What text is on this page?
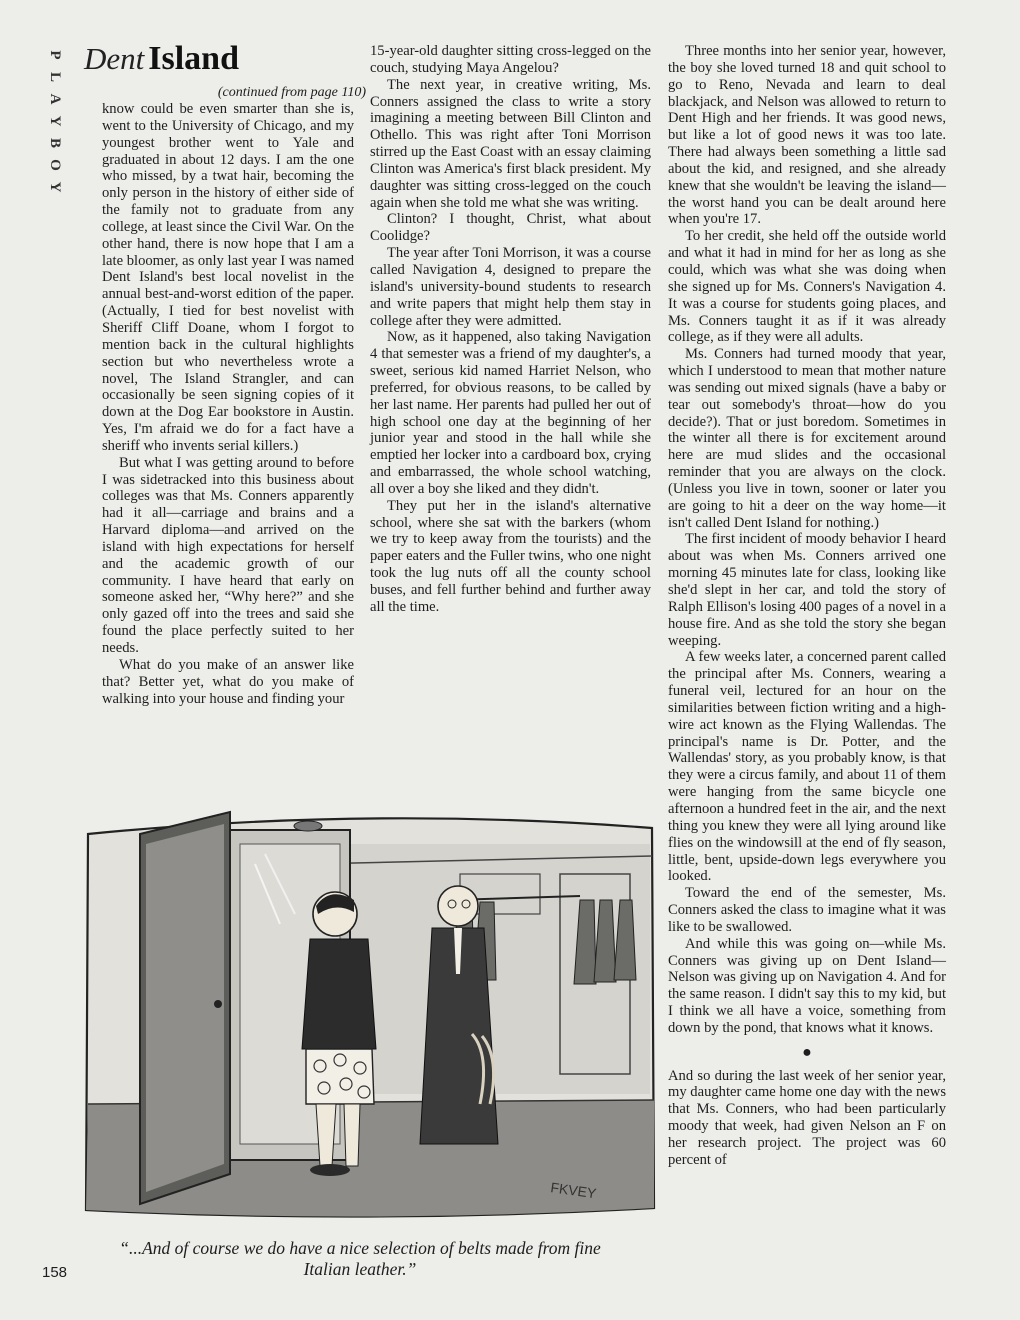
P
L
A
Y
B
O
Y
Dent Island
(continued from page 110)

know could be even smarter than she is, went to the University of Chicago, and my youngest brother went to Yale and graduated in about 12 days. I am the one who missed, by a twat hair, becoming the only person in the history of either side of the family not to graduate from any college, at least since the Civil War. On the other hand, there is now hope that I am a late bloomer, as only last year I was named Dent Island's best local novelist in the annual best-and-worst edition of the paper. (Actually, I tied for best novelist with Sheriff Cliff Doane, whom I forgot to mention back in the cultural highlights section but who nevertheless wrote a novel, The Island Strangler, and can occasionally be seen signing copies of it down at the Dog Ear bookstore in Austin. Yes, I'm afraid we do for a fact have a sheriff who invents serial killers.)

But what I was getting around to before I was sidetracked into this business about colleges was that Ms. Conners apparently had it all—carriage and brains and a Harvard diploma—and arrived on the island with high expectations for herself and the academic growth of our community. I have heard that early on someone asked her, “Why here?” and she only gazed off into the trees and said she found the place perfectly suited to her needs.

What do you make of an answer like that? Better yet, what do you make of walking into your house and finding your

15-year-old daughter sitting cross-legged on the couch, studying Maya Angelou?

The next year, in creative writing, Ms. Conners assigned the class to write a story imagining a meeting between Bill Clinton and Othello. This was right after Toni Morrison stirred up the East Coast with an essay claiming Clinton was America's first black president. My daughter was sitting cross-legged on the couch again when she told me what she was writing.

Clinton? I thought, Christ, what about Coolidge?

The year after Toni Morrison, it was a course called Navigation 4, designed to prepare the island's university-bound students to research and write papers that might help them stay in college after they were admitted.

Now, as it happened, also taking Navigation 4 that semester was a friend of my daughter's, a sweet, serious kid named Harriet Nelson, who preferred, for obvious reasons, to be called by her last name. Her parents had pulled her out of high school one day at the beginning of her junior year and stood in the hall while she emptied her locker into a cardboard box, crying and embarrassed, the whole school watching, all over a boy she liked and they didn't.

They put her in the island's alternative school, where she sat with the barkers (whom we try to keep away from the tourists) and the paper eaters and the Fuller twins, who one night took the lug nuts off all the county school buses, and fell further behind and further away all the time.

Three months into her senior year, however, the boy she loved turned 18 and quit school to go to Reno, Nevada and learn to deal blackjack, and Nelson was allowed to return to Dent High and her friends. It was good news, but like a lot of good news it was too late. There had always been something a little sad about the kid, and resigned, and she already knew that she wouldn't be leaving the island—the worst hand you can be dealt around here when you're 17.

To her credit, she held off the outside world and what it had in mind for her as long as she could, which was what she was doing when she signed up for Ms. Conners's Navigation 4. It was a course for students going places, and Ms. Conners taught it as if it was already college, as if they were all adults.

Ms. Conners had turned moody that year, which I understood to mean that mother nature was sending out mixed signals (have a baby or tear out somebody's throat—how do you decide?). That or just boredom. Sometimes in the winter all there is for excitement around here are mud slides and the occasional reminder that you are always on the clock. (Unless you live in town, sooner or later you are going to hit a deer on the way home—it isn't called Dent Island for nothing.)

The first incident of moody behavior I heard about was when Ms. Conners arrived one morning 45 minutes late for class, looking like she'd slept in her car, and told the story of Ralph Ellison's losing 400 pages of a novel in a house fire. And as she told the story she began weeping.

A few weeks later, a concerned parent called the principal after Ms. Conners, wearing a funeral veil, lectured for an hour on the similarities between fiction writing and a high-wire act known as the Flying Wallendas. The principal's name is Dr. Potter, and the Wallendas' story, as you probably know, is that they were a circus family, and about 11 of them were hanging from the same bicycle one afternoon a hundred feet in the air, and the next thing you knew they were all lying around like flies on the windowsill at the end of fly season, little, bent, upside-down legs everywhere you looked.

Toward the end of the semester, Ms. Conners asked the class to imagine what it was like to be swallowed.

And while this was going on—while Ms. Conners was giving up on Dent Island—Nelson was giving up on Navigation 4. And for the same reason. I didn't say this to my kid, but I think we all have a voice, something from down by the pond, that knows what it knows.

●

And so during the last week of her senior year, my daughter came home one day with the news that Ms. Conners, who had been particularly moody that week, had given Nelson an F on her research project. The project was 60 percent of

FKVEY
“...And of course we do have a nice selection of belts made from fine Italian leather.”
158
